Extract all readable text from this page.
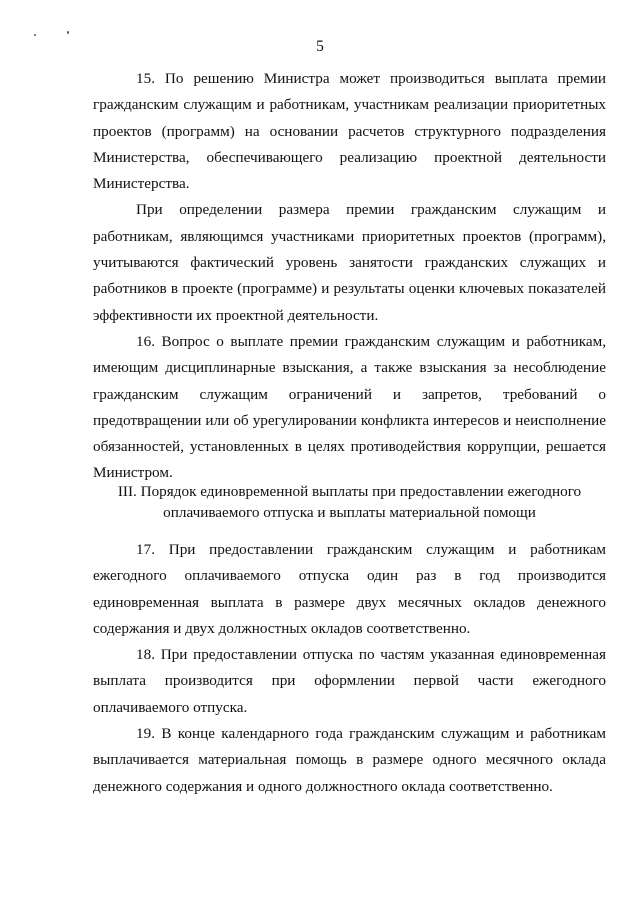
5

15. По решению Министра может производиться выплата премии гражданским служащим и работникам, участникам реализации приоритетных проектов (программ) на основании расчетов структурного подразделения Министерства, обеспечивающего реализацию проектной деятельности Министерства.

При определении размера премии гражданским служащим и работникам, являющимся участниками приоритетных проектов (программ), учитываются фактический уровень занятости гражданских служащих и работников в проекте (программе) и результаты оценки ключевых показателей эффективности их проектной деятельности.

16. Вопрос о выплате премии гражданским служащим и работникам, имеющим дисциплинарные взыскания, а также взыскания за несоблюдение гражданским служащим ограничений и запретов, требований о предотвращении или об урегулировании конфликта интересов и неисполнение обязанностей, установленных в целях противодействия коррупции, решается Министром.

III. Порядок единовременной выплаты при предоставлении ежегодного оплачиваемого отпуска и выплаты материальной помощи

17. При предоставлении гражданским служащим и работникам ежегодного оплачиваемого отпуска один раз в год производится единовременная выплата в размере двух месячных окладов денежного содержания и двух должностных окладов соответственно.

18. При предоставлении отпуска по частям указанная единовременная выплата производится при оформлении первой части ежегодного оплачиваемого отпуска.

19. В конце календарного года гражданским служащим и работникам выплачивается материальная помощь в размере одного месячного оклада денежного содержания и одного должностного оклада соответственно.
